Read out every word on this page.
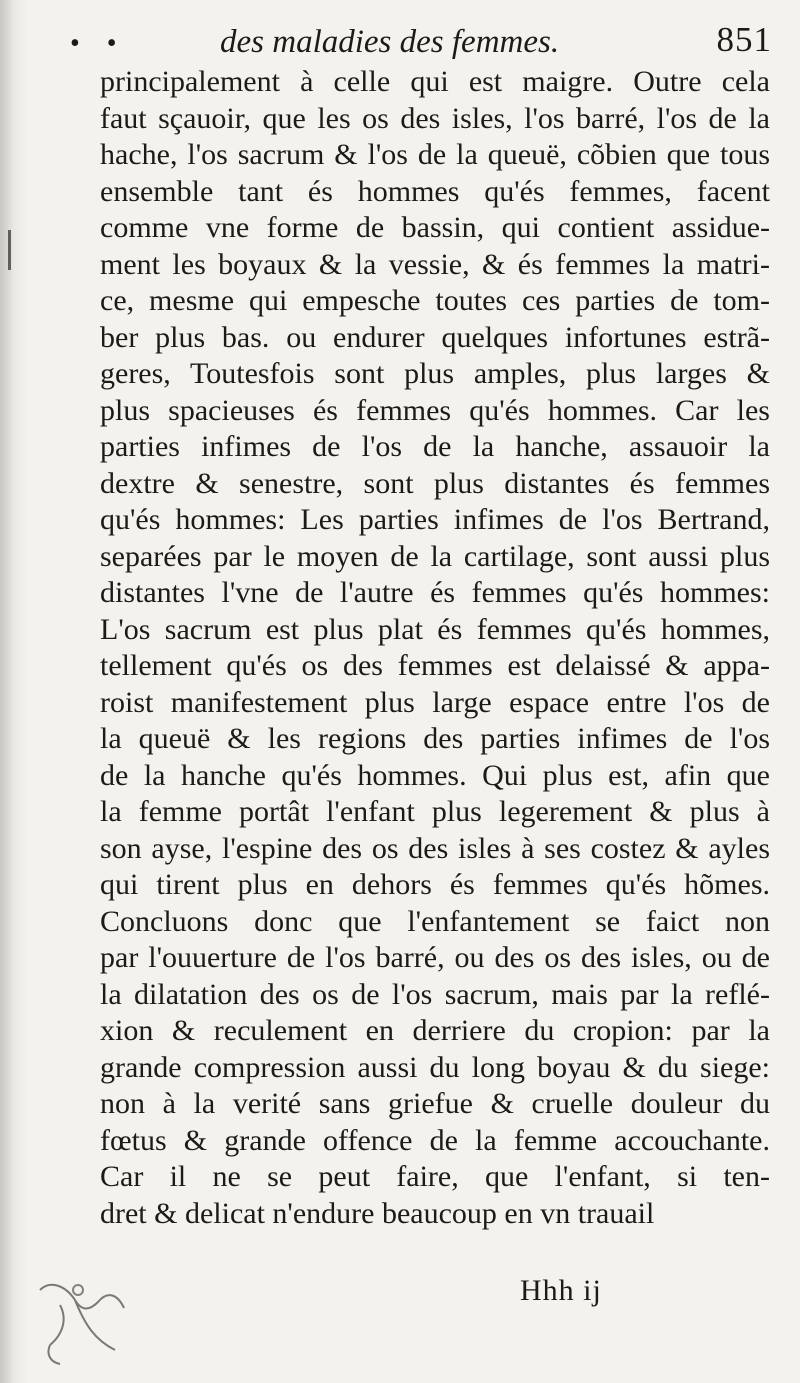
• •	des maladies des femmes.	851
principalement à celle qui est maigre. Outre cela
faut sçauoir, que les os des isles, l'os barré, l'os de la
hache, l'os sacrum & l'os de la queuë, cõbien que tous
ensemble tant és hommes qu'és femmes, facent
comme vne forme de bassin, qui contient assidue-
ment les boyaux & la vessie, & és femmes la matri-
ce, mesme qui empesche toutes ces parties de tom-
ber plus bas. ou endurer quelques infortunes estrã-
geres, Toutesfois sont plus amples, plus larges &
plus spacieuses és femmes qu'és hommes. Car les
parties infimes de l'os de la hanche, assauoir la
dextre & senestre, sont plus distantes és femmes
qu'és hommes: Les parties infimes de l'os Bertrand,
separées par le moyen de la cartilage, sont aussi plus
distantes l'vne de l'autre és femmes qu'és hommes:
L'os sacrum est plus plat és femmes qu'és hommes,
tellement qu'és os des femmes est delaissé & appa-
roist manifestement plus large espace entre l'os de
la queuë & les regions des parties infimes de l'os
de la hanche qu'és hommes. Qui plus est, afin que
la femme portât l'enfant plus legerement & plus à
son ayse, l'espine des os des isles à ses costez & ayles
qui tirent plus en dehors és femmes qu'és hõmes.
Concluons donc que l'enfantement se faict non
par l'ouuerture de l'os barré, ou des os des isles, ou de
la dilatation des os de l'os sacrum, mais par la reflé-
xion & reculement en derriere du cropion: par la
grande compression aussi du long boyau & du siege:
non à la verité sans griefue & cruelle douleur du
fœtus & grande offence de la femme accouchante.
Car il ne se peut faire, que l'enfant, si ten-
dret & delicat n'endure beaucoup en vn trauail
Hhh ij
